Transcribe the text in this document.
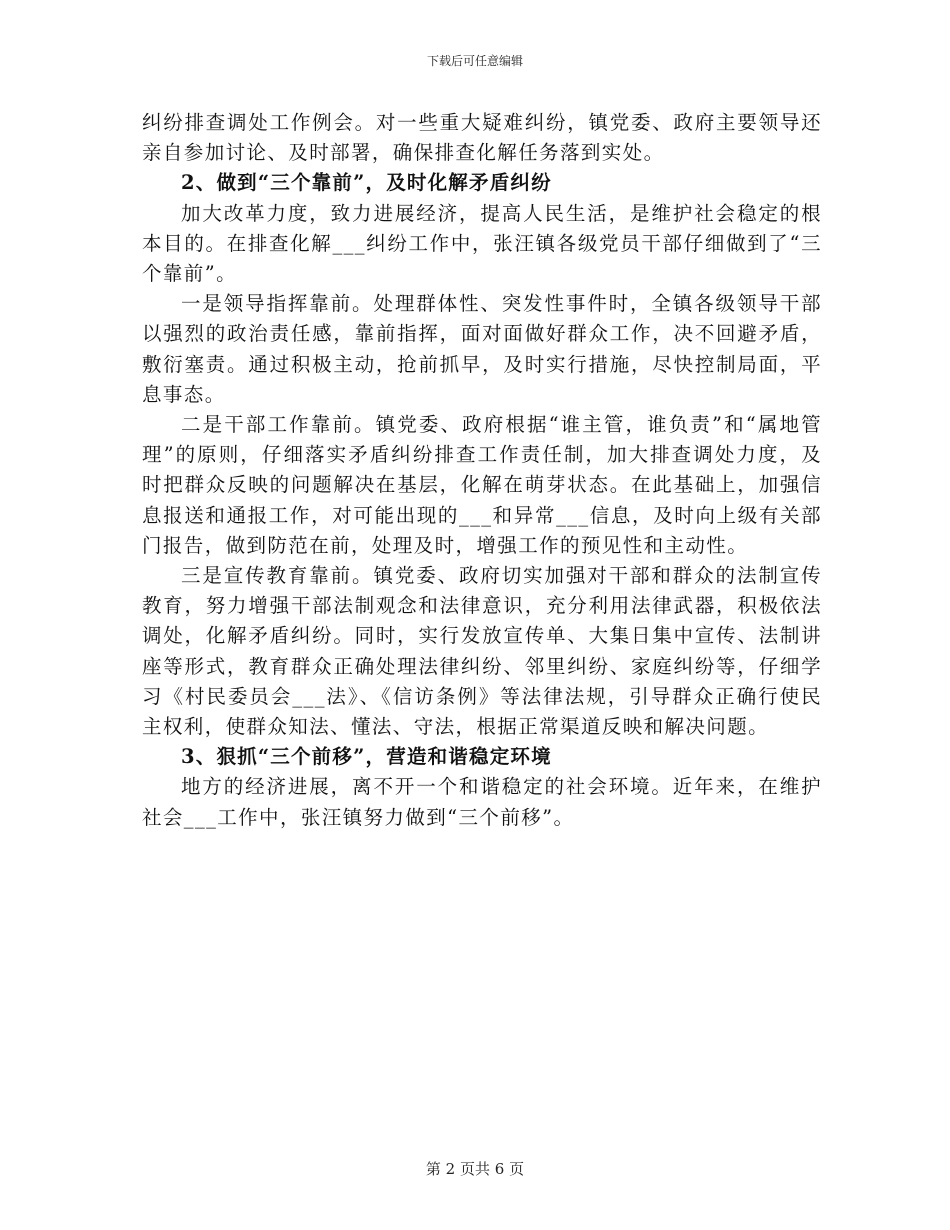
下载后可任意编辑

纠纷排查调处工作例会。对一些重大疑难纠纷，镇党委、政府主要领导还亲自参加讨论、及时部署，确保排查化解任务落到实处。

2、做到“三个靠前”，及时化解矛盾纠纷

加大改革力度，致力进展经济，提高人民生活，是维护社会稳定的根本目的。在排查化解___纠纷工作中，张汪镇各级党员干部仔细做到了“三个靠前”。

一是领导指挥靠前。处理群体性、突发性事件时，全镇各级领导干部以强烈的政治责任感，靠前指挥，面对面做好群众工作，决不回避矛盾，敷衍塞责。通过积极主动，抢前抓早，及时实行措施，尽快控制局面，平息事态。

二是干部工作靠前。镇党委、政府根据“谁主管，谁负责”和“属地管理”的原则，仔细落实矛盾纠纷排查工作责任制，加大排查调处力度，及时把群众反映的问题解决在基层，化解在萌芽状态。在此基础上，加强信息报送和通报工作，对可能出现的___和异常___信息，及时向上级有关部门报告，做到防范在前，处理及时，增强工作的预见性和主动性。

三是宣传教育靠前。镇党委、政府切实加强对干部和群众的法制宣传教育，努力增强干部法制观念和法律意识，充分利用法律武器，积极依法调处，化解矛盾纠纷。同时，实行发放宣传单、大集日集中宣传、法制讲座等形式，教育群众正确处理法律纠纷、邻里纠纷、家庭纠纷等，仔细学习《村民委员会___法》、《信访条例》等法律法规，引导群众正确行使民主权利，使群众知法、懂法、守法，根据正常渠道反映和解决问题。

3、狠抓“三个前移”，营造和谐稳定环境

地方的经济进展，离不开一个和谐稳定的社会环境。近年来，在维护社会___工作中，张汪镇努力做到“三个前移”。

第 2 页共 6 页
